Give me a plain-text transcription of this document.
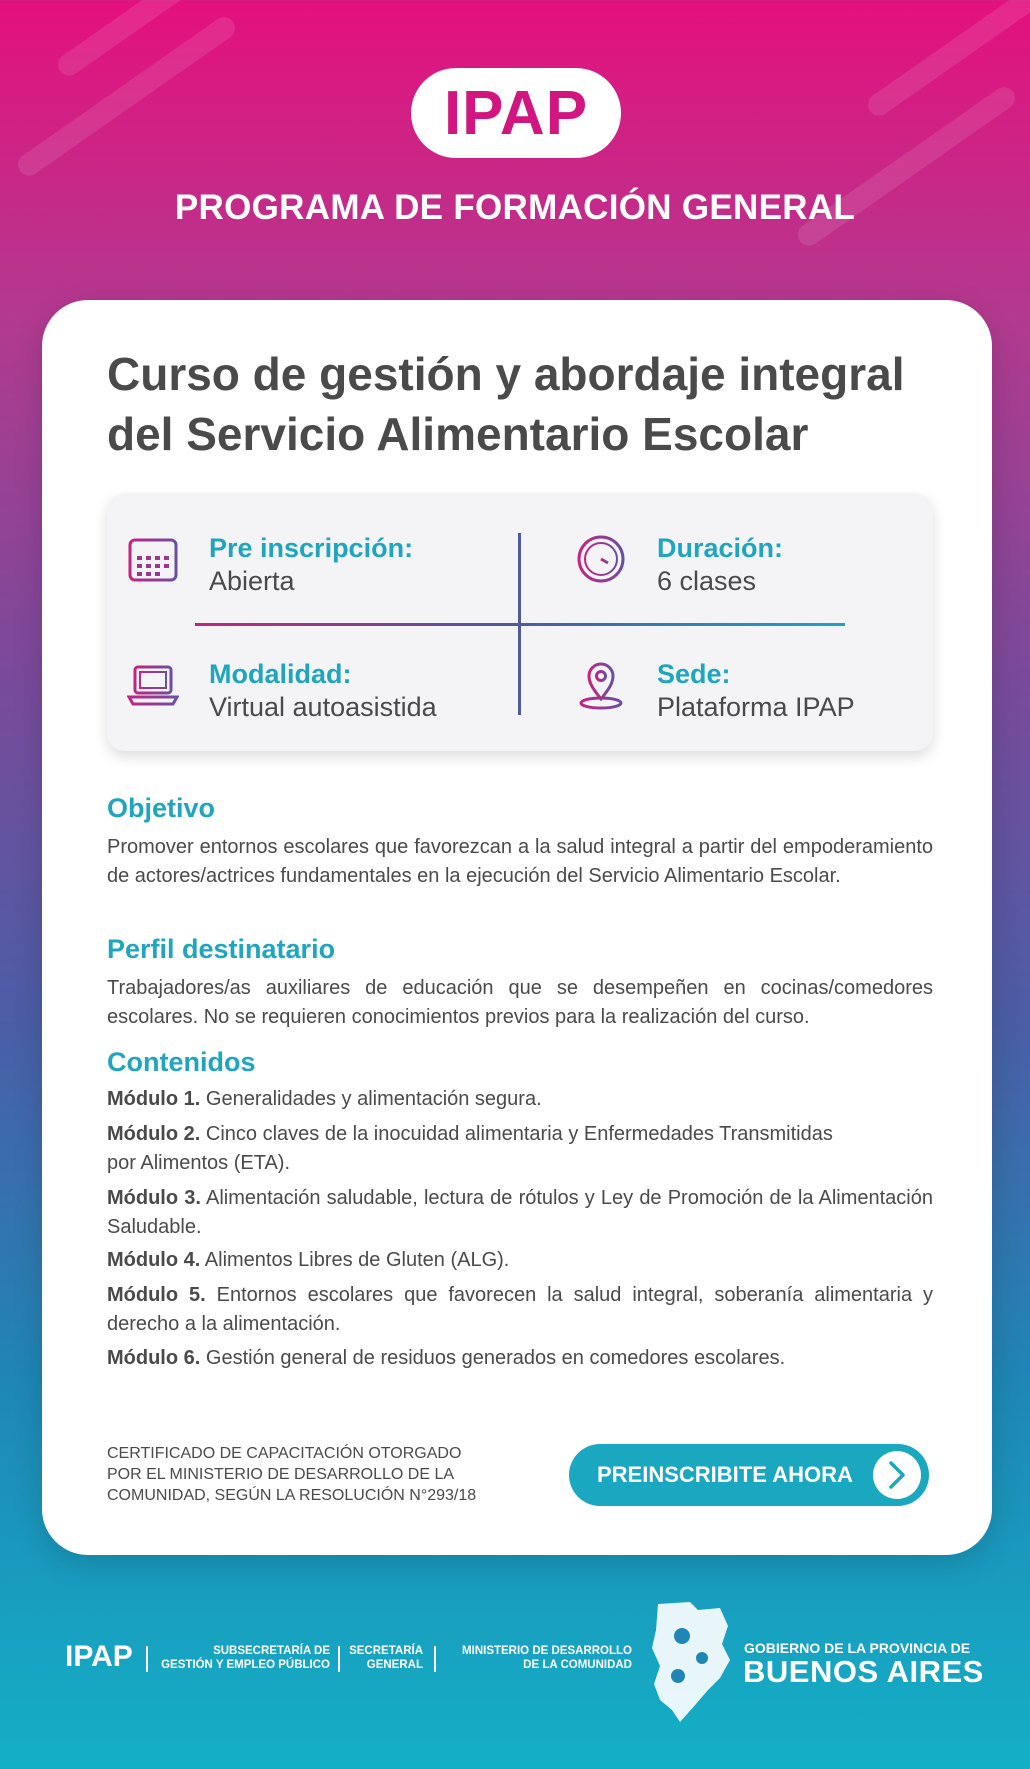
IPAP
PROGRAMA DE FORMACIÓN GENERAL
Curso de gestión y abordaje integral
del Servicio Alimentario Escolar
Pre inscripción:
Abierta
Duración:
6 clases
Modalidad:
Virtual autoasistida
Sede:
Plataforma IPAP
Objetivo
Promover entornos escolares que favorezcan a la salud integral a partir del empoderamiento de actores/actrices fundamentales en la ejecución del Servicio Alimentario Escolar.
Perfil destinatario
Trabajadores/as auxiliares de educación que se desempeñen en cocinas/comedores escolares. No se requieren conocimientos previos para la realización del curso.
Contenidos
Módulo 1. Generalidades y alimentación segura.
Módulo 2. Cinco claves de la inocuidad alimentaria y Enfermedades Transmitidas
por Alimentos (ETA).
Módulo 3. Alimentación saludable, lectura de rótulos y Ley de Promoción de la Alimentación Saludable.
Módulo 4. Alimentos Libres de Gluten (ALG).
Módulo 5. Entornos escolares que favorecen la salud integral, soberanía alimentaria y derecho a la alimentación.
Módulo 6. Gestión general de residuos generados en comedores escolares.
CERTIFICADO DE CAPACITACIÓN OTORGADO
POR EL MINISTERIO DE DESARROLLO DE LA
COMUNIDAD, SEGÚN LA RESOLUCIÓN N°293/18
PREINSCRIBITE AHORA
IPAP	SUBSECRETARÍA DE
GESTIÓN Y EMPLEO PÚBLICO
SECRETARÍA
GENERAL
MINISTERIO DE DESARROLLO
DE LA COMUNIDAD
GOBIERNO DE LA PROVINCIA DE
BUENOS AIRES
